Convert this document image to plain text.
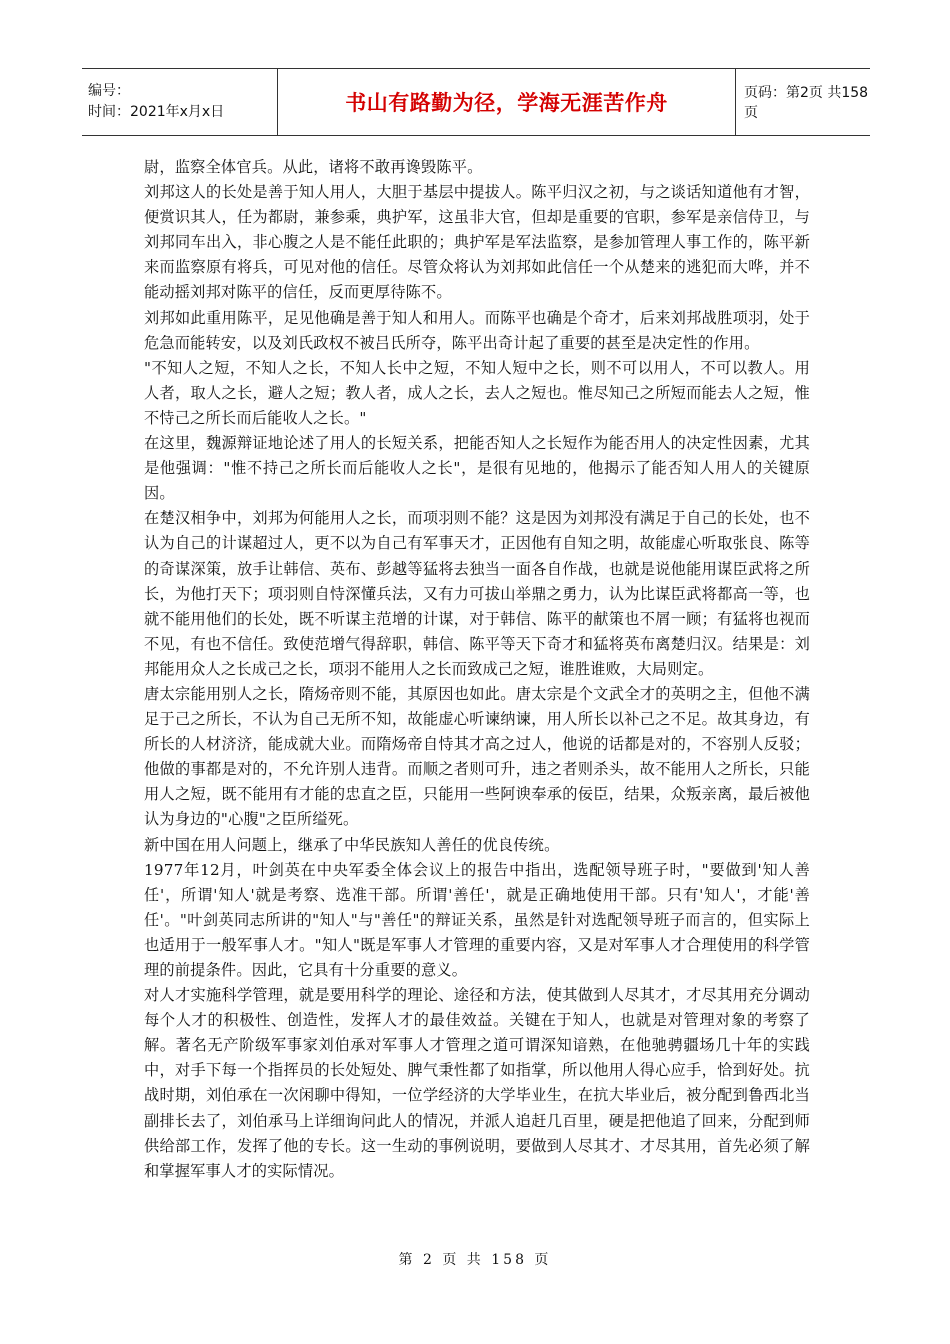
编号：
时间：2021年x月x日	书山有路勤为径，学海无涯苦作舟	页码：第2页 共158页

尉，监察全体官兵。从此，诸将不敢再谗毁陈平。

刘邦这人的长处是善于知人用人，大胆于基层中提拔人。陈平归汉之初，与之谈话知道他有才智，便赏识其人，任为都尉，兼参乘，典护军，这虽非大官，但却是重要的官职，参军是亲信侍卫，与刘邦同车出入，非心腹之人是不能任此职的；典护军是军法监察，是参加管理人事工作的，陈平新来而监察原有将兵，可见对他的信任。尽管众将认为刘邦如此信任一个从楚来的逃犯而大哗，并不能动摇刘邦对陈平的信任，反而更厚待陈不。

刘邦如此重用陈平，足见他确是善于知人和用人。而陈平也确是个奇才，后来刘邦战胜项羽，处于危急而能转安，以及刘氏政权不被吕氏所夺，陈平出奇计起了重要的甚至是决定性的作用。

"不知人之短，不知人之长，不知人长中之短，不知人短中之长，则不可以用人，不可以教人。用人者，取人之长，避人之短；教人者，成人之长，去人之短也。惟尽知己之所短而能去人之短，惟不恃己之所长而后能收人之长。"

在这里，魏源辩证地论述了用人的长短关系，把能否知人之长短作为能否用人的决定性因素，尤其是他强调："惟不持己之所长而后能收人之长"，是很有见地的，他揭示了能否知人用人的关键原因。

在楚汉相争中，刘邦为何能用人之长，而项羽则不能？这是因为刘邦没有满足于自己的长处，也不认为自己的计谋超过人，更不以为自己有军事天才，正因他有自知之明，故能虚心听取张良、陈等的奇谋深策，放手让韩信、英布、彭越等猛将去独当一面各自作战，也就是说他能用谋臣武将之所长，为他打天下；项羽则自恃深懂兵法，又有力可拔山举鼎之勇力，认为比谋臣武将都高一等，也就不能用他们的长处，既不听谋主范增的计谋，对于韩信、陈平的献策也不屑一顾；有猛将也视而不见，有也不信任。致使范增气得辞职，韩信、陈平等天下奇才和猛将英布离楚归汉。结果是：刘邦能用众人之长成己之长，项羽不能用人之长而致成己之短，谁胜谁败，大局则定。

唐太宗能用别人之长，隋炀帝则不能，其原因也如此。唐太宗是个文武全才的英明之主，但他不满足于己之所长，不认为自己无所不知，故能虚心听谏纳谏，用人所长以补己之不足。故其身边，有所长的人材济济，能成就大业。而隋炀帝自恃其才高之过人，他说的话都是对的，不容别人反驳；他做的事都是对的，不允许别人违背。而顺之者则可升，违之者则杀头，故不能用人之所长，只能用人之短，既不能用有才能的忠直之臣，只能用一些阿谀奉承的佞臣，结果，众叛亲离，最后被他认为身边的"心腹"之臣所缢死。

新中国在用人问题上，继承了中华民族知人善任的优良传统。

1977年12月，叶剑英在中央军委全体会议上的报告中指出，选配领导班子时，"要做到'知人善任'，所谓'知人'就是考察、选准干部。所谓'善任'，就是正确地使用干部。只有'知人'，才能'善任'。"叶剑英同志所讲的"知人"与"善任"的辩证关系，虽然是针对选配领导班子而言的，但实际上也适用于一般军事人才。"知人"既是军事人才管理的重要内容，又是对军事人才合理使用的科学管理的前提条件。因此，它具有十分重要的意义。

对人才实施科学管理，就是要用科学的理论、途径和方法，使其做到人尽其才，才尽其用充分调动每个人才的积极性、创造性，发挥人才的最佳效益。关键在于知人，也就是对管理对象的考察了解。著名无产阶级军事家刘伯承对军事人才管理之道可谓深知谙熟，在他驰骋疆场几十年的实践中，对手下每一个指挥员的长处短处、脾气秉性都了如指掌，所以他用人得心应手，恰到好处。抗战时期，刘伯承在一次闲聊中得知，一位学经济的大学毕业生，在抗大毕业后，被分配到鲁西北当副排长去了，刘伯承马上详细询问此人的情况，并派人追赶几百里，硬是把他追了回来，分配到师供给部工作，发挥了他的专长。这一生动的事例说明，要做到人尽其才、才尽其用，首先必须了解和掌握军事人才的实际情况。

第 2 页 共 158 页
